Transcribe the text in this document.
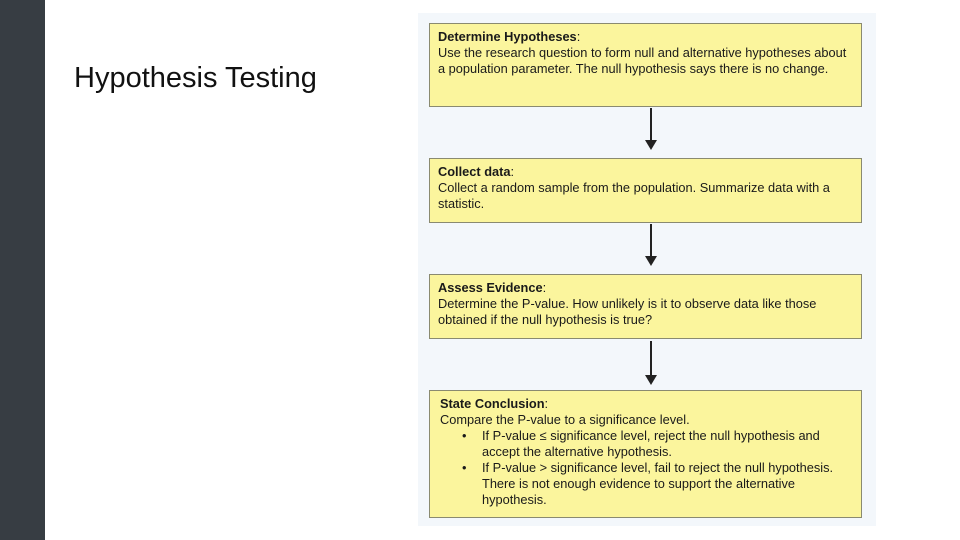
Hypothesis Testing
Determine Hypotheses:
Use the research question to form null and alternative hypotheses about a population parameter. The null hypothesis says there is no change.
Collect data:
Collect a random sample from the population. Summarize data with a statistic.
Assess Evidence:
Determine the P-value. How unlikely is it to observe data like those obtained if the null hypothesis is true?
State Conclusion:
Compare the P-value to a significance level.
• If P-value ≤ significance level, reject the null hypothesis and accept the alternative hypothesis.
• If P-value > significance level, fail to reject the null hypothesis. There is not enough evidence to support the alternative hypothesis.
